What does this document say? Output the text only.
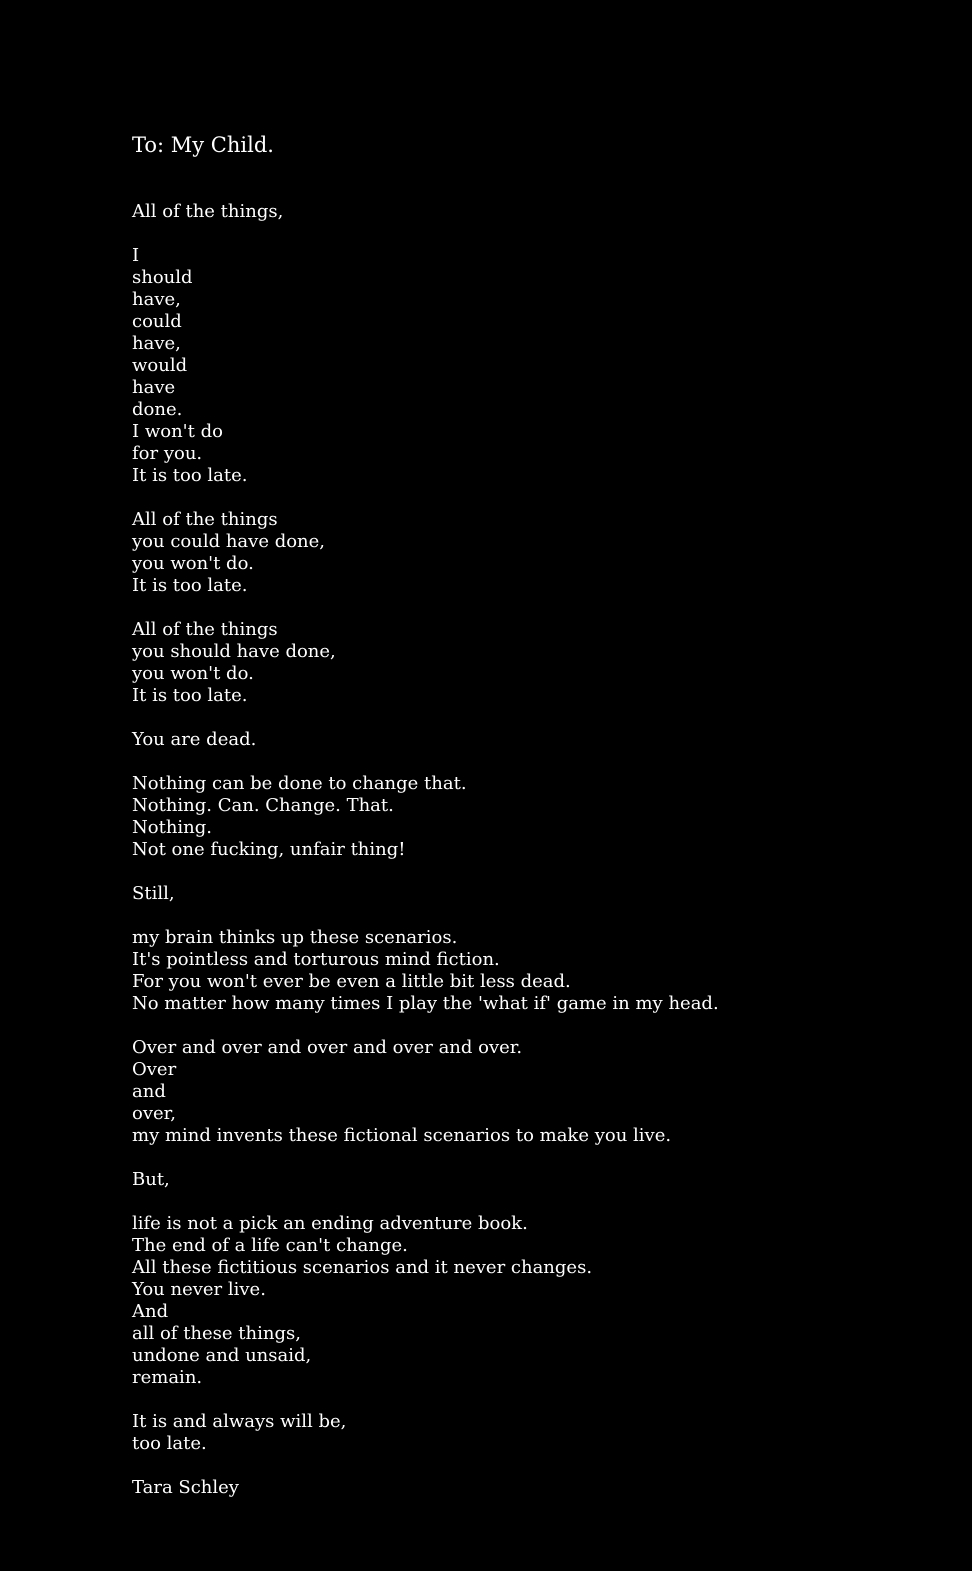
To: My Child.
All of the things,
I
should
have,
could
have,
would
have
done.
I won't do
for you.
It is too late.
All of the things
you could have done,
you won't do.
It is too late.
All of the things
you should have done,
you won't do.
It is too late.
You are dead.
Nothing can be done to change that.
Nothing. Can. Change. That.
Nothing.
Not one fucking, unfair thing!
Still,
my brain thinks up these scenarios.
It's pointless and torturous mind fiction.
For you won't ever be even a little bit less dead.
No matter how many times I play the 'what if' game in my head.
Over and over and over and over and over.
Over
and
over,
my mind invents these fictional scenarios to make you live.
But,
life is not a pick an ending adventure book.
The end of a life can't change.
All these fictitious scenarios and it never changes.
You never live.
And
all of these things,
undone and unsaid,
remain.
It is and always will be,
too late.
Tara Schley
